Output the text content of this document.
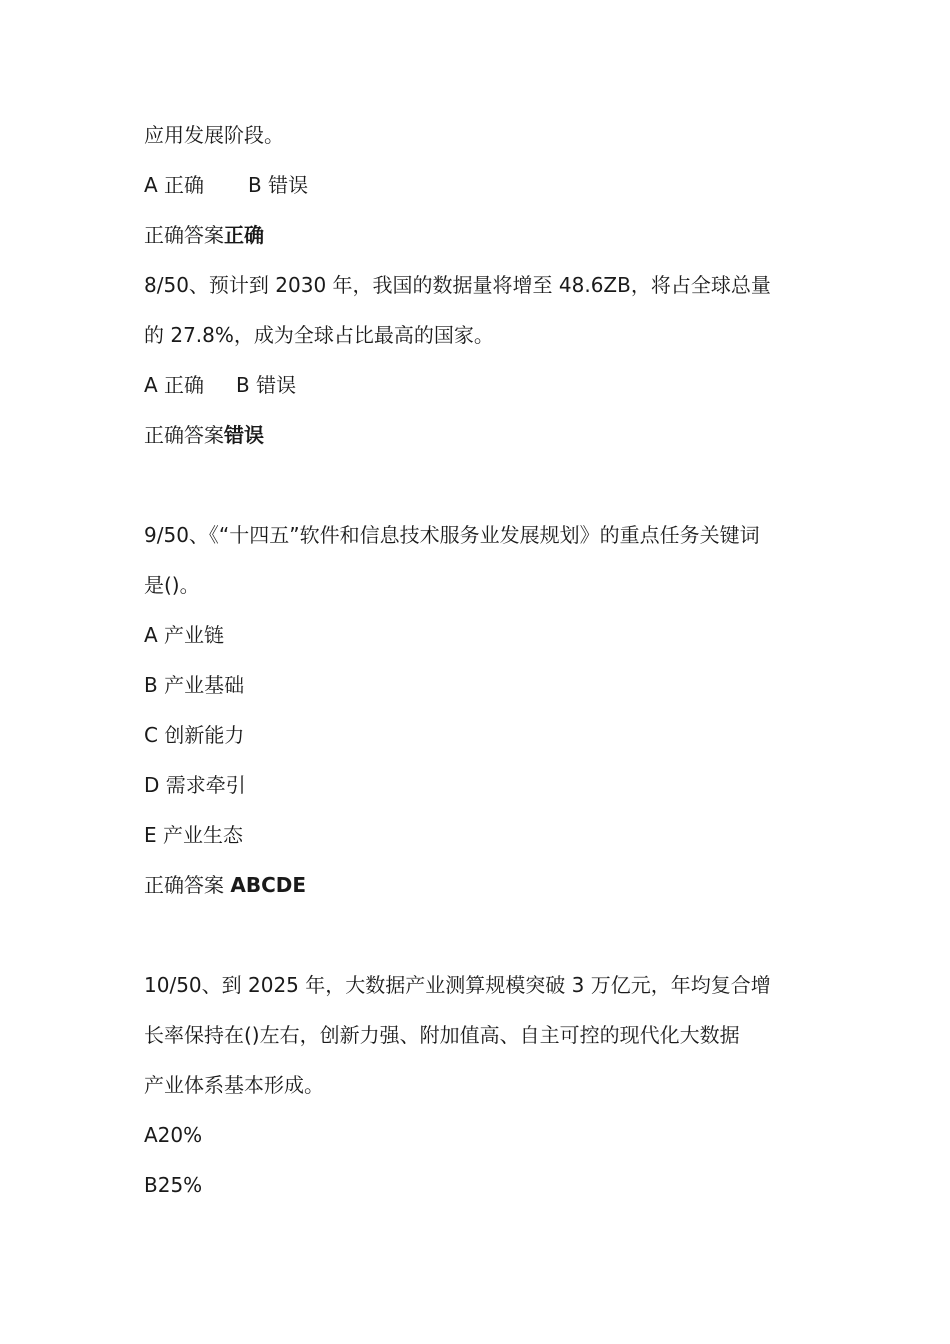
应用发展阶段。
A 正确 B 错误
正确答案正确
8/50、预计到 2030 年，我国的数据量将增至 48.6ZB，将占全球总量
的 27.8%，成为全球占比最高的国家。
A 正确 B 错误
正确答案错误
9/50、《“十四五”软件和信息技术服务业发展规划》的重点任务关键词
是()。
A 产业链
B 产业基础
C 创新能力
D 需求牵引
E 产业生态
正确答案 ABCDE
10/50、到 2025 年，大数据产业测算规模突破 3 万亿元，年均复合增
长率保持在()左右，创新力强、附加值高、自主可控的现代化大数据
产业体系基本形成。
A20%
B25%
